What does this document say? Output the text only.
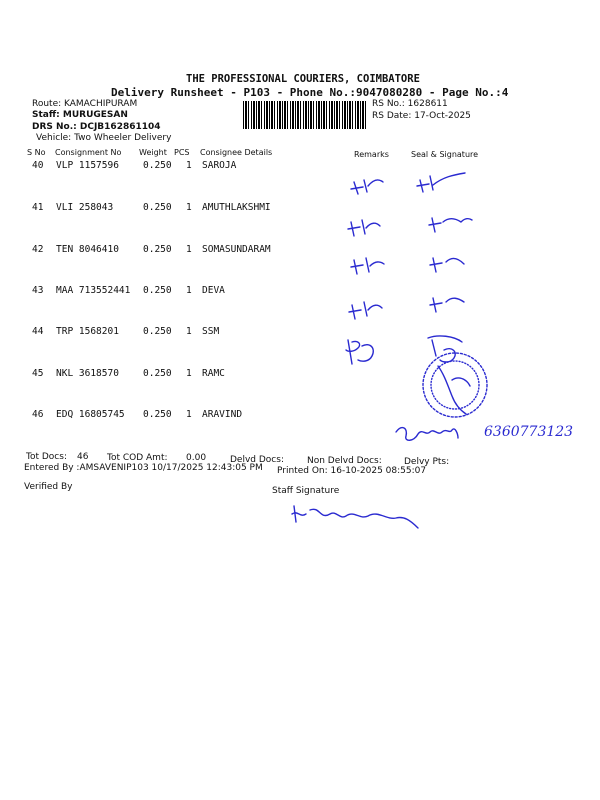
THE PROFESSIONAL COURIERS, COIMBATORE
Delivery Runsheet - P103 - Phone No.:9047080280 - Page No.:4
Route: KAMACHIPURAM
Staff: MURUGESAN
DRS No.: DCJB162861104
Vehicle: Two Wheeler Delivery
RS No.: 1628611
RS Date: 17-Oct-2025
S No Consignment No Weight PCS Consignee Details	Remarks	Seal & Signature
40 VLP 1157596	0.250 1 SAROJA
41 VLI 258043	0.250 1 AMUTHLAKSHMI
42 TEN 8046410	0.250 1 SOMASUNDARAM
43 MAA 713552441 0.250 1 DEVA
44 TRP 1568201	0.250 1 SSM
45 NKL 3618570	0.250 1 RAMC
46 EDQ 16805745 0.250 1 ARAVIND
6360773123
Tot Docs: 46 Tot COD Amt: 0.00	Delvd Docs:	Non Delvd Docs: Delvy Pts:
Entered By :AMSAVENIP103 10/17/2025 12:43:05 PM Printed On: 16-10-2025 08:55:07
Verified By	Staff Signature
